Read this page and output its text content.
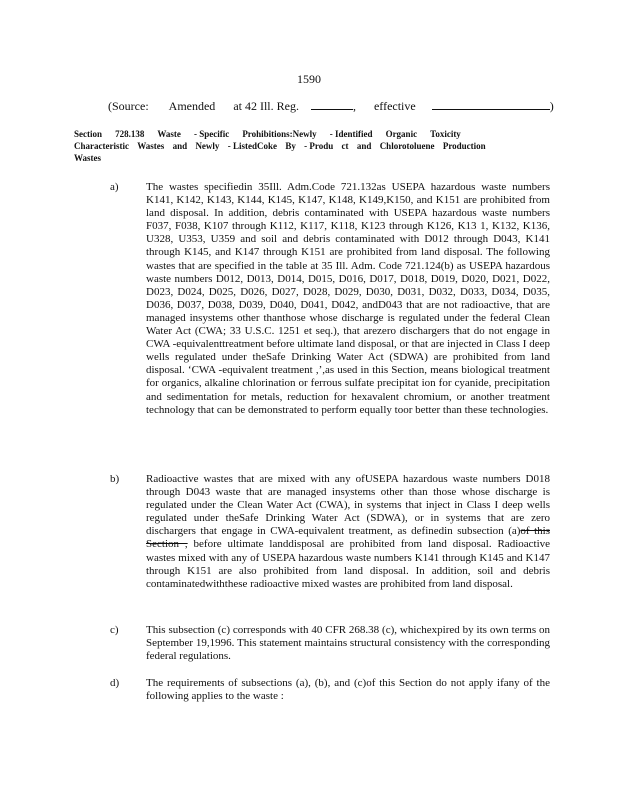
1590
(Source: Amended at 42 Ill. Reg.	, effective	)
Section 728.138 Waste - Specific Prohibitions:Newly - Identified Organic Toxicity
Characteristic Wastes and Newly - ListedCoke By - Produ ct and Chlorotoluene Production
Wastes
a)	The wastes specifiedin 35Ill. Adm.Code 721.132as USEPA hazardous waste numbers K141, K142, K143, K144, K145, K147, K148, K149,K150, and K151 are prohibited from land disposal. In addition, debris contaminated with USEPA hazardous waste numbers F037, F038, K107 through K112, K117, K118, K123 through K126, K13 1, K132, K136, U328, U353, U359 and soil and debris contaminated with D012 through D043, K141 through K145, and K147 through K151 are prohibited from land disposal. The following wastes that are specified in the table at 35 Ill. Adm. Code 721.124(b) as USEPA hazardous waste numbers D012, D013, D014, D015, D016, D017, D018, D019, D020, D021, D022, D023, D024, D025, D026, D027, D028, D029, D030, D031, D032, D033, D034, D035, D036, D037, D038, D039, D040, D041, D042, andD043 that are not radioactive, that are managed insystems other thanthose whose discharge is regulated under the federal Clean Water Act (CWA; 33 U.S.C. 1251 et seq.), that arezero dischargers that do not engage in CWA -equivalenttreatment before ultimate land disposal, or that are injected in Class I deep wells regulated under theSafe Drinking Water Act (SDWA) are prohibited from land disposal. ‘CWA -equivalent treatment ,’,as used in this Section, means biological treatment for organics, alkaline chlorination or ferrous sulfate precipitat ion for cyanide, precipitation and sedimentation for metals, reduction for hexavalent chromium, or another treatment technology that can be demonstrated to perform equally toor better than these technologies.
b)	Radioactive wastes that are mixed with any ofUSEPA hazardous waste numbers D018 through D043 waste that are managed insystems other than those whose discharge is regulated under the Clean Water Act (CWA), in systems that inject in Class I deep wells regulated under theSafe Drinking Water Act (SDWA), or in systems that are zero dischargers that engage in CWA-equivalent treatment, as definedin subsection (a)of this Section , before ultimate landdisposal are prohibited from land disposal. Radioactive wastes mixed with any of USEPA hazardous waste numbers K141 through K145 and K147 through K151 are also prohibited from land disposal. In addition, soil and debris contaminatedwiththese radioactive mixed wastes are prohibited from land disposal.
c)	This subsection (c) corresponds with 40 CFR 268.38 (c), whichexpired by its own terms on September 19,1996. This statement maintains structural consistency with the corresponding federal regulations.
d)	The requirements of subsections (a), (b), and (c)of this Section do not apply ifany of the following applies to the waste :
